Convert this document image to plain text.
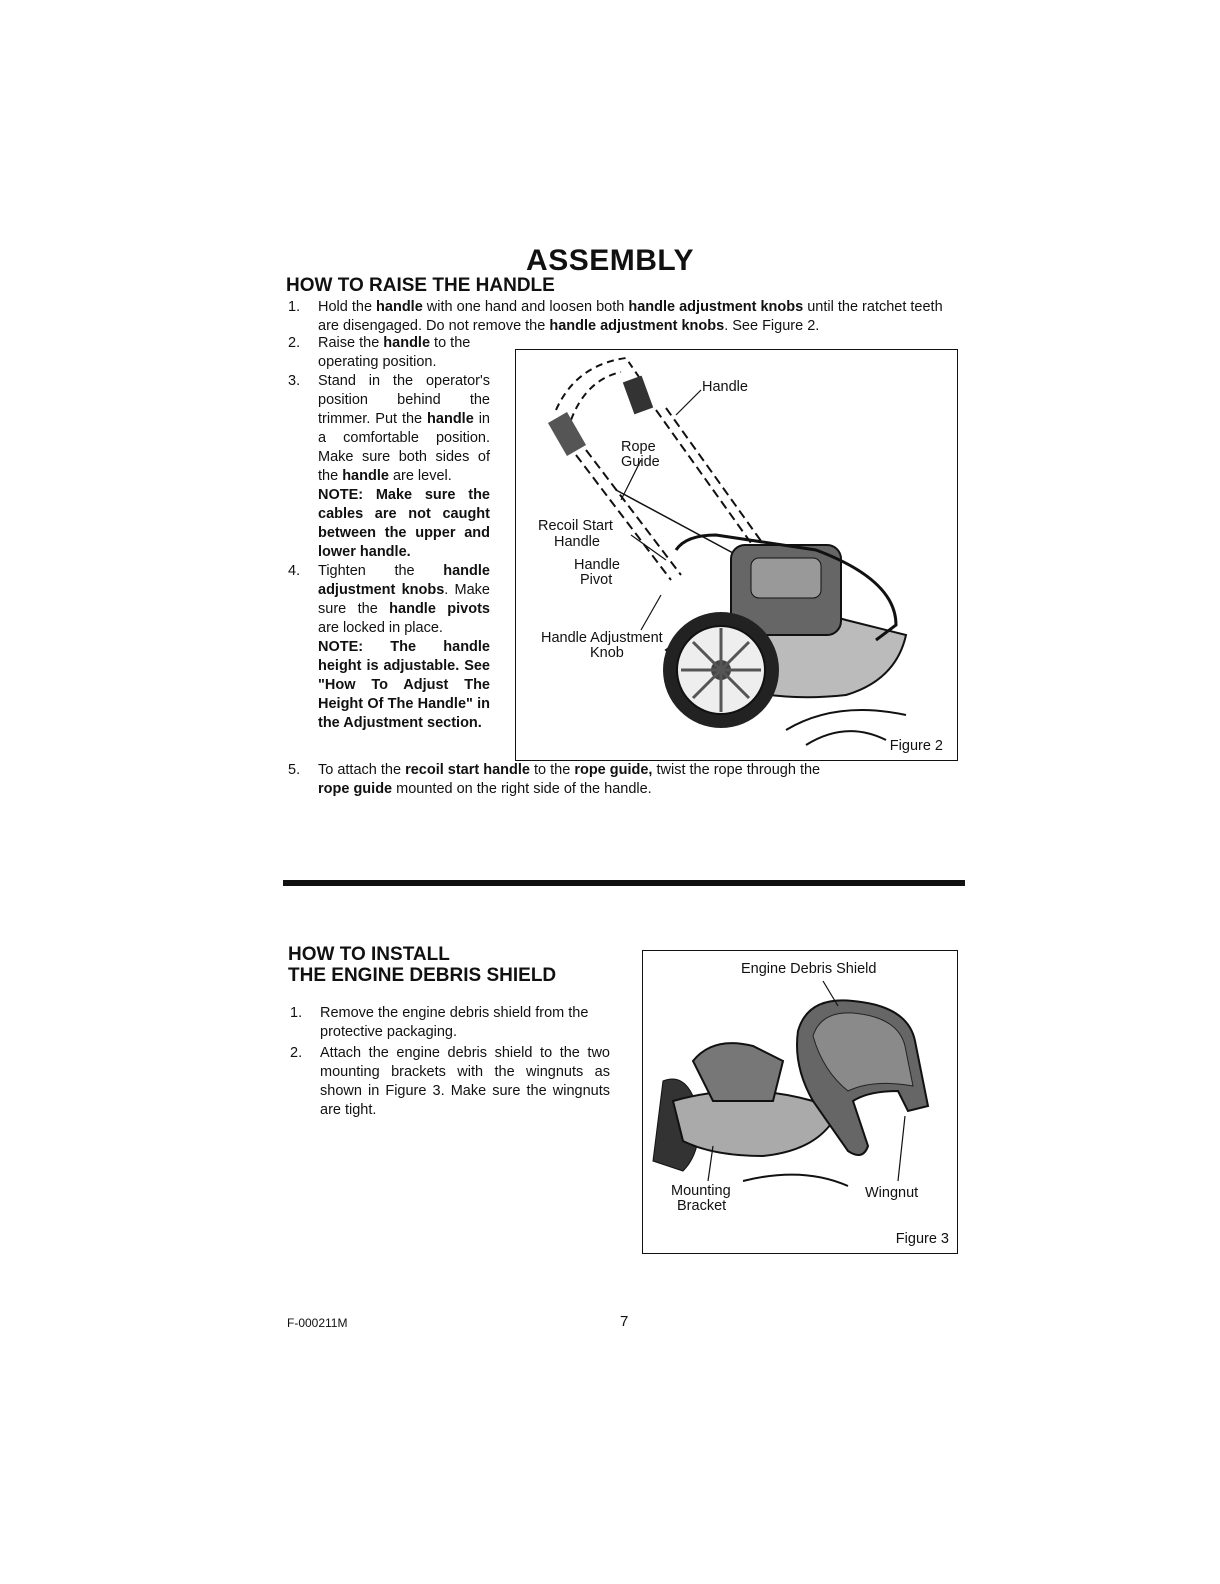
ASSEMBLY
HOW TO RAISE THE HANDLE
1. Hold the handle with one hand and loosen both handle adjustment knobs until the ratchet teeth are disengaged. Do not remove the handle adjustment knobs. See Figure 2.
2. Raise the handle to the operating position.
3. Stand in the operator's position behind the trimmer. Put the handle in a comfortable position. Make sure both sides of the handle are level.
NOTE: Make sure the cables are not caught between the upper and lower handle.
4. Tighten the handle adjustment knobs. Make sure the handle pivots are locked in place.
NOTE: The handle height is adjustable. See "How To Adjust The Height Of The Handle" in the Adjustment section.
Handle
Rope
Guide
Recoil Start
Handle
Handle
Pivot
Handle Adjustment
Knob
Figure 2
5. To attach the recoil start handle to the rope guide, twist the rope through the rope guide mounted on the right side of the handle.
HOW TO INSTALL
THE ENGINE DEBRIS SHIELD
1. Remove the engine debris shield from the protective packaging.
2. Attach the engine debris shield to the two mounting brackets with the wingnuts as shown in Figure 3. Make sure the wingnuts are tight.
Engine Debris Shield
Mounting
Bracket
Wingnut
Figure 3
F-000211M	7
